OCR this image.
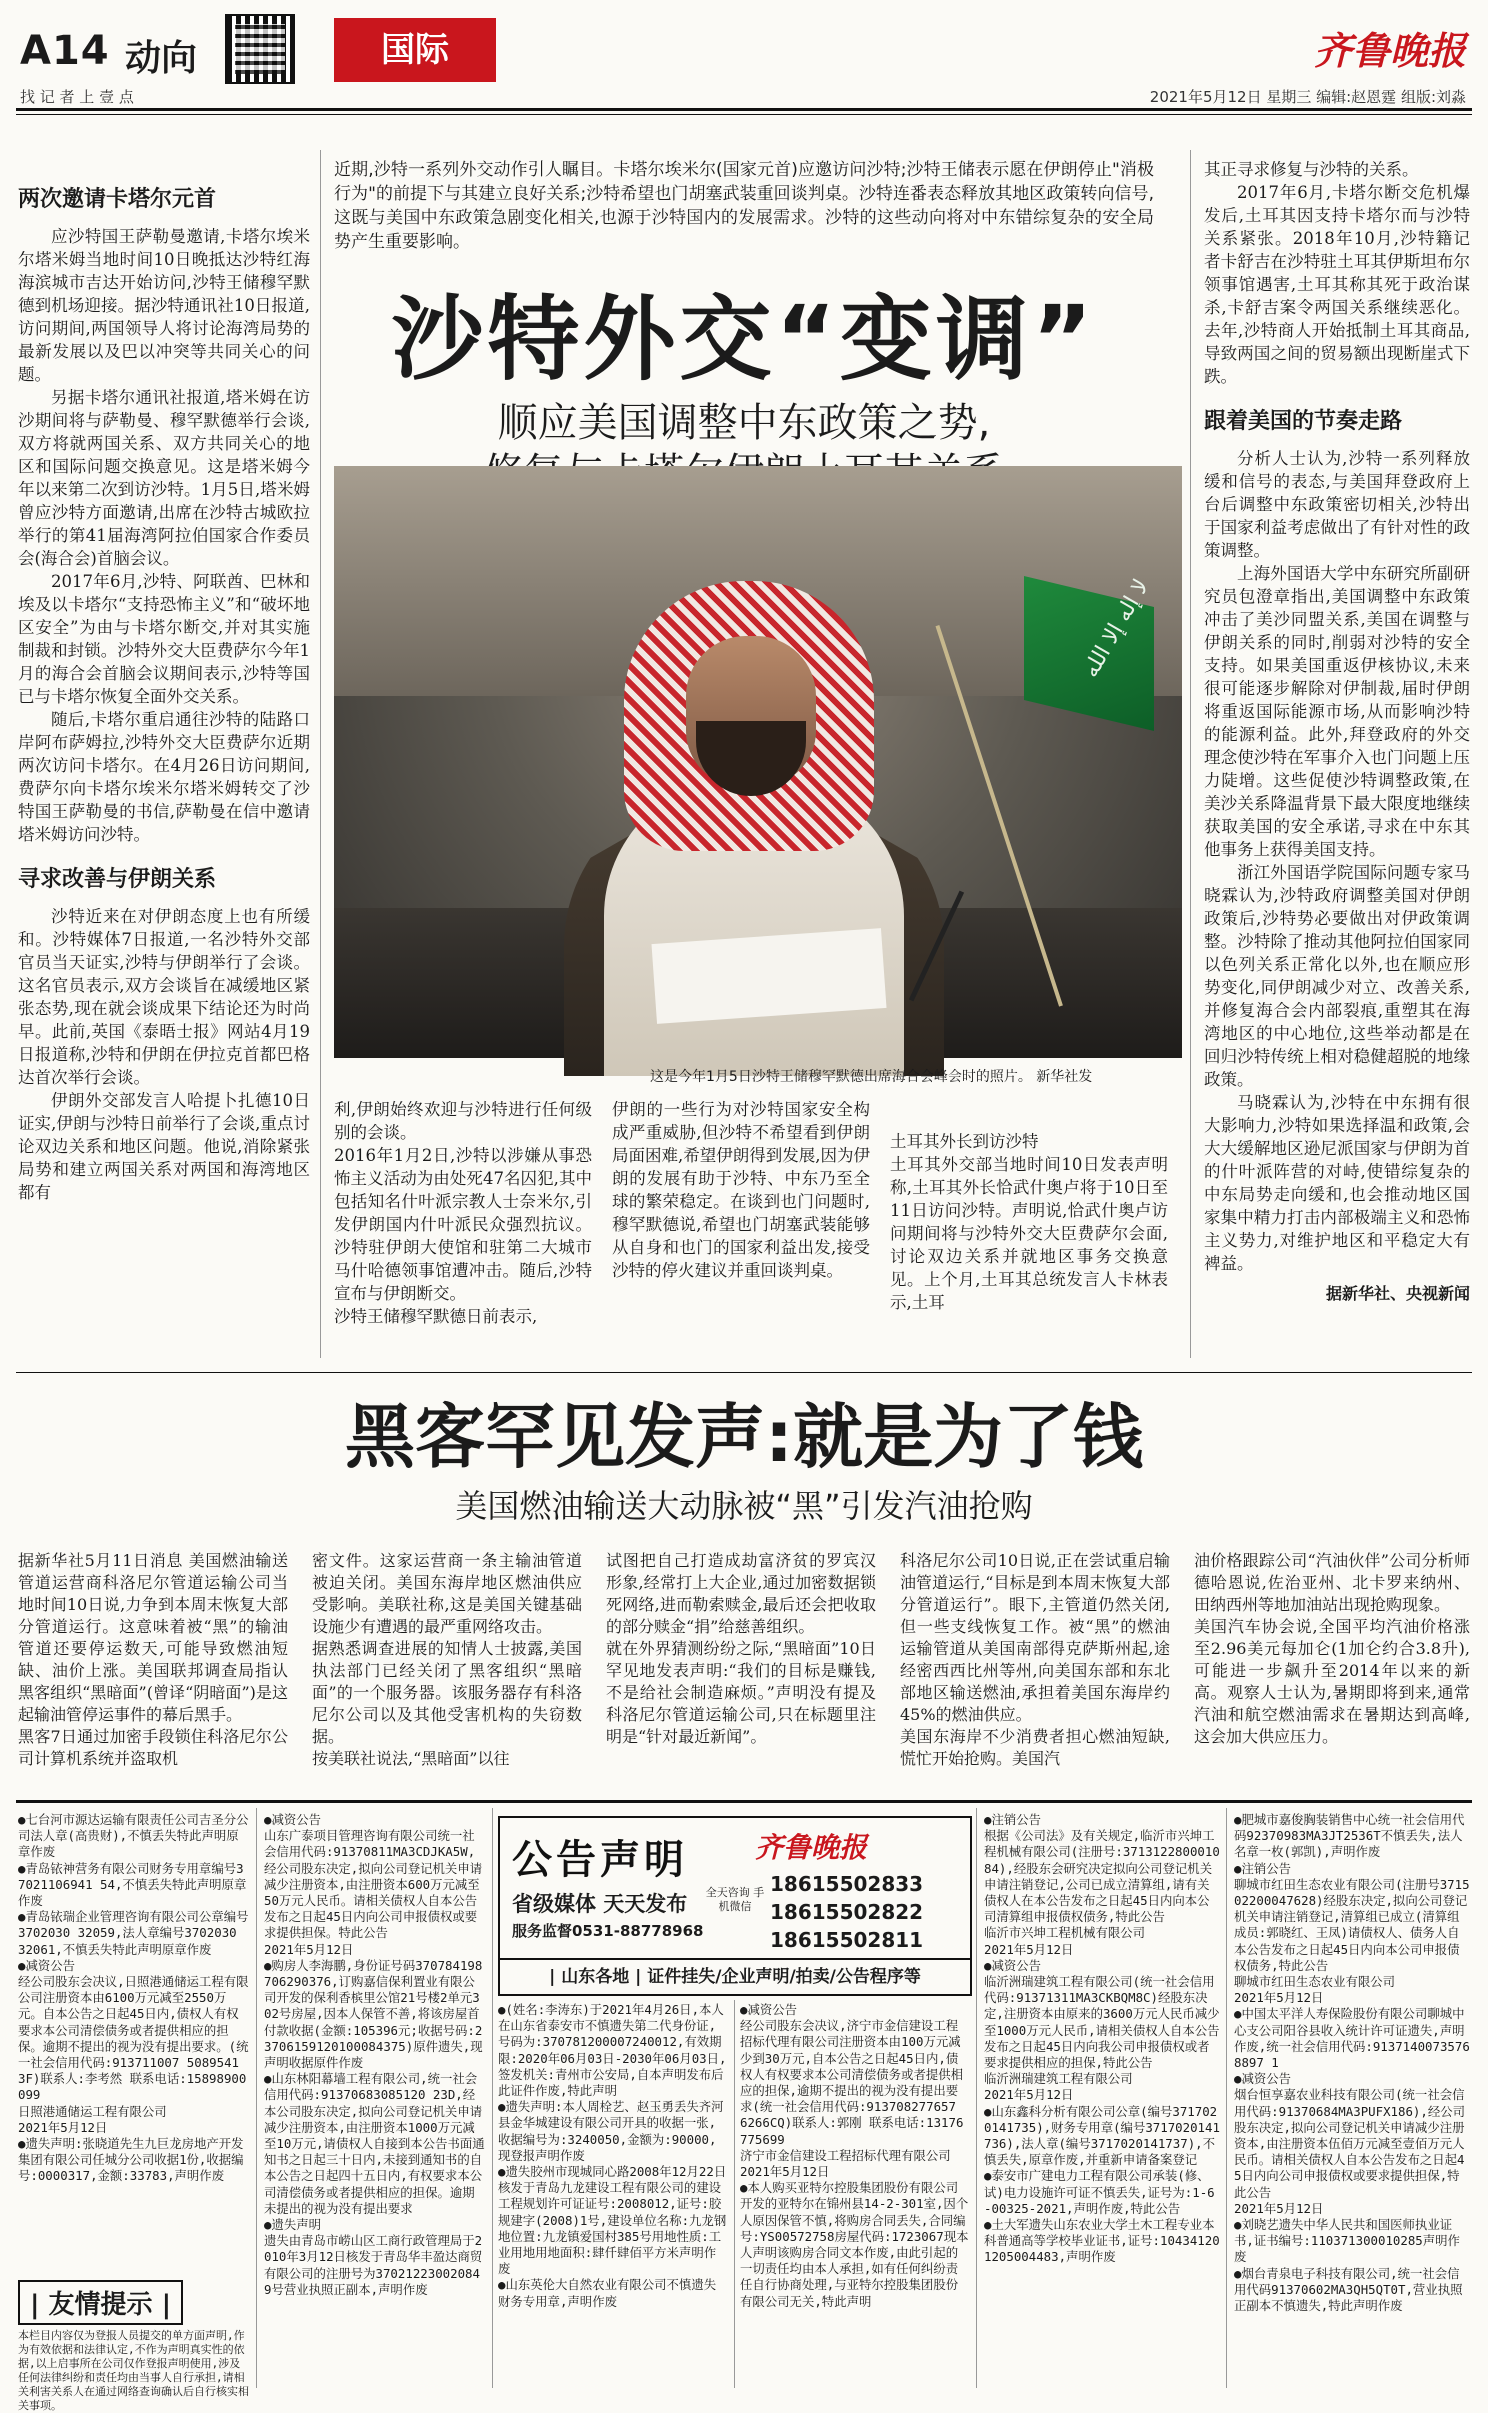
A14 动向	国际	齐鲁晚报
找 记 者 上 壹 点	2021年5月12日 星期三 编辑:赵恩霆 组版:刘淼
近期,沙特一系列外交动作引人瞩目。卡塔尔埃米尔(国家元首)应邀访问沙特;沙特王储表示愿在伊朗停止"消极行为"的前提下与其建立良好关系;沙特希望也门胡塞武装重回谈判桌。沙特连番表态释放其地区政策转向信号,这既与美国中东政策急剧变化相关,也源于沙特国内的发展需求。沙特的这些动向将对中东错综复杂的安全局势产生重要影响。
沙特外交“变调”
顺应美国调整中东政策之势,
لا إله إلا الله
这是今年1月5日沙特王储穆罕默德出席海合会峰会时的照片。 新华社发
两次邀请卡塔尔元首

应沙特国王萨勒曼邀请,卡塔尔埃米尔塔米姆当地时间10日晚抵达沙特红海海滨城市吉达开始访问,沙特王储穆罕默德到机场迎接。据沙特通讯社10日报道,访问期间,两国领导人将讨论海湾局势的最新发展以及巴以冲突等共同关心的问题。

另据卡塔尔通讯社报道,塔米姆在访沙期间将与萨勒曼、穆罕默德举行会谈,双方将就两国关系、双方共同关心的地区和国际问题交换意见。这是塔米姆今年以来第二次到访沙特。1月5日,塔米姆曾应沙特方面邀请,出席在沙特古城欧拉举行的第41届海湾阿拉伯国家合作委员会(海合会)首脑会议。

2017年6月,沙特、阿联酋、巴林和埃及以卡塔尔“支持恐怖主义”和“破坏地区安全”为由与卡塔尔断交,并对其实施制裁和封锁。沙特外交大臣费萨尔今年1月的海合会首脑会议期间表示,沙特等国已与卡塔尔恢复全面外交关系。

随后,卡塔尔重启通往沙特的陆路口岸阿布萨姆拉,沙特外交大臣费萨尔近期两次访问卡塔尔。在4月26日访问期间,费萨尔向卡塔尔埃米尔塔米姆转交了沙特国王萨勒曼的书信,萨勒曼在信中邀请塔米姆访问沙特。

寻求改善与伊朗关系

沙特近来在对伊朗态度上也有所缓和。沙特媒体7日报道,一名沙特外交部官员当天证实,沙特与伊朗举行了会谈。这名官员表示,双方会谈旨在减缓地区紧张态势,现在就会谈成果下结论还为时尚早。此前,英国《泰晤士报》网站4月19日报道称,沙特和伊朗在伊拉克首都巴格达首次举行会谈。

伊朗外交部发言人哈提卜扎德10日证实,伊朗与沙特日前举行了会谈,重点讨论双边关系和地区问题。他说,消除紧张局势和建立两国关系对两国和海湾地区都有

利,伊朗始终欢迎与沙特进行任何级别的会谈。
2016年1月2日,沙特以涉嫌从事恐怖主义活动为由处死47名囚犯,其中包括知名什叶派宗教人士奈米尔,引发伊朗国内什叶派民众强烈抗议。沙特驻伊朗大使馆和驻第二大城市马什哈德领事馆遭冲击。随后,沙特宣布与伊朗断交。
沙特王储穆罕默德日前表示,
伊朗的一些行为对沙特国家安全构成严重威胁,但沙特不希望看到伊朗局面困难,希望伊朗得到发展,因为伊朗的发展有助于沙特、中东乃至全球的繁荣稳定。在谈到也门问题时,穆罕默德说,希望也门胡塞武装能够从自身和也门的国家利益出发,接受沙特的停火建议并重回谈判桌。
土耳其外长到访沙特
土耳其外交部当地时间10日发表声明称,土耳其外长恰武什奥卢将于10日至11日访问沙特。声明说,恰武什奥卢访问期间将与沙特外交大臣费萨尔会面,讨论双边关系并就地区事务交换意见。上个月,土耳其总统发言人卡林表示,土耳

其正寻求修复与沙特的关系。

2017年6月,卡塔尔断交危机爆发后,土耳其因支持卡塔尔而与沙特关系紧张。2018年10月,沙特籍记者卡舒吉在沙特驻土耳其伊斯坦布尔领事馆遇害,土耳其称其死于政治谋杀,卡舒吉案令两国关系继续恶化。去年,沙特商人开始抵制土耳其商品,导致两国之间的贸易额出现断崖式下跌。

跟着美国的节奏走路

分析人士认为,沙特一系列释放缓和信号的表态,与美国拜登政府上台后调整中东政策密切相关,沙特出于国家利益考虑做出了有针对性的政策调整。

上海外国语大学中东研究所副研究员包澄章指出,美国调整中东政策冲击了美沙同盟关系,美国在调整与伊朗关系的同时,削弱对沙特的安全支持。如果美国重返伊核协议,未来很可能逐步解除对伊制裁,届时伊朗将重返国际能源市场,从而影响沙特的能源利益。此外,拜登政府的外交理念使沙特在军事介入也门问题上压力陡增。这些促使沙特调整政策,在美沙关系降温背景下最大限度地继续获取美国的安全承诺,寻求在中东其他事务上获得美国支持。

浙江外国语学院国际问题专家马晓霖认为,沙特政府调整美国对伊朗政策后,沙特势必要做出对伊政策调整。沙特除了推动其他阿拉伯国家同以色列关系正常化以外,也在顺应形势变化,同伊朗减少对立、改善关系,并修复海合会内部裂痕,重塑其在海湾地区的中心地位,这些举动都是在回归沙特传统上相对稳健超脱的地缘政策。

马晓霖认为,沙特在中东拥有很大影响力,沙特如果选择温和政策,会大大缓解地区逊尼派国家与伊朗为首的什叶派阵营的对峙,使错综复杂的中东局势走向缓和,也会推动地区国家集中精力打击内部极端主义和恐怖主义势力,对维护地区和平稳定大有裨益。

据新华社、央视新闻
黑客罕见发声:就是为了钱
美国燃油输送大动脉被“黑”引发汽油抢购
据新华社5月11日消息 美国燃油输送管道运营商科洛尼尔管道运输公司当地时间10日说,力争到本周末恢复大部分管道运行。这意味着被“黑”的输油管道还要停运数天,可能导致燃油短缺、油价上涨。美国联邦调查局指认黑客组织“黑暗面”(曾译“阴暗面”)是这起输油管停运事件的幕后黑手。
黑客7日通过加密手段锁住科洛尼尔公司计算机系统并盗取机
密文件。这家运营商一条主输油管道被迫关闭。美国东海岸地区燃油供应受影响。美联社称,这是美国关键基础设施少有遭遇的最严重网络攻击。
据熟悉调查进展的知情人士披露,美国执法部门已经关闭了黑客组织“黑暗面”的一个服务器。该服务器存有科洛尼尔公司以及其他受害机构的失窃数据。
按美联社说法,“黑暗面”以往
试图把自己打造成劫富济贫的罗宾汉形象,经常打上大企业,通过加密数据锁死网络,进而勒索赎金,最后还会把收取的部分赎金“捐”给慈善组织。
就在外界猜测纷纷之际,“黑暗面”10日罕见地发表声明:“我们的目标是赚钱,不是给社会制造麻烦。”声明没有提及科洛尼尔管道运输公司,只在标题里注明是“针对最近新闻”。
科洛尼尔公司10日说,正在尝试重启输油管道运行,“目标是到本周末恢复大部分管道运行”。眼下,主管道仍然关闭,但一些支线恢复工作。被“黑”的燃油运输管道从美国南部得克萨斯州起,途经密西西比州等州,向美国东部和东北部地区输送燃油,承担着美国东海岸约45%的燃油供应。
美国东海岸不少消费者担心燃油短缺,慌忙开始抢购。美国汽
油价格跟踪公司“汽油伙伴”公司分析师德哈恩说,佐治亚州、北卡罗来纳州、田纳西州等地加油站出现抢购现象。
美国汽车协会说,全国平均汽油价格涨至2.96美元每加仑(1加仑约合3.8升),可能进一步飙升至2014年以来的新高。观察人士认为,暑期即将到来,通常汽油和航空燃油需求在暑期达到高峰,这会加大供应压力。
●七台河市源达运输有限责任公司吉圣分公司法人章(高贵财),不慎丢失特此声明原章作废
●青岛铱神营务有限公司财务专用章编号37021106941 54,不慎丢失特此声明原章作废
●青岛铱瑞企业管理咨询有限公司公章编号3702030 32059,法人章编号3702030 32061,不慎丢失特此声明原章作废
●减资公告
经公司股东会决议,日照港通储运工程有限公司注册资本由6100万元减至2550万元。自本公告之日起45日内,债权人有权要求本公司清偿债务或者提供相应的担保。逾期不提出的视为没有提出要求。(统一社会信用代码:913711007 5089541 3F)联系人:李考然 联系电话:15898900099
日照港通储运工程有限公司
2021年5月12日
●遗失声明:张晓道先生九巨龙房地产开发集团有限公司任城分公司收据1份,收据编号:0000317,金额:33783,声明作废
| 友情提示 |
本栏目内容仅为登报人员提交的单方面声明,作为有效依据和法律认定,不作为声明真实性的依据,以上启事所在公司仅作登报声明使用,涉及任何法律纠纷和责任均由当事人自行承担,请相关利害关系人在通过网络查询确认后自行核实相关事项。
●减资公告
山东广泰项目管理咨询有限公司统一社会信用代码:91370811MA3CDJKA5W,经公司股东决定,拟向公司登记机关申请减少注册资本,由注册资本600万元减至50万元人民币。请相关债权人自本公告发布之日起45日内向公司申报债权或要求提供担保。特此公告
2021年5月12日
●购房人李海鹏,身份证号码370784198706290376,订购嘉信保利置业有限公司开发的保利香槟里公馆21号楼2单元302号房屋,因本人保管不善,将该房屋首付款收据(金额:105396元;收据号码:23706159120100084375)原件遗失,现声明收据原件作废
●山东林阳幕墙工程有限公司,统一社会信用代码:91370683085120 23D,经本公司股东决定,拟向公司登记机关申请减少注册资本,由注册资本1000万元减至10万元,请债权人自接到本公告书面通知书之日起三十日内,未接到通知书的自本公告之日起四十五日内,有权要求本公司清偿债务或者提供相应的担保。逾期未提出的视为没有提出要求
●遗失声明
遗失由青岛市崂山区工商行政管理局于2010年3月12日核发于青岛华丰盈达商贸有限公司的注册号为370212230020849号营业执照正副本,声明作废
公告声明 齐鲁晚报
省级媒体 天天发布
服务监督0531-88778968
全天咨询 手机微信
18615502833
18615502822
18615502811
| 山东各地 | 证件挂失/企业声明/拍卖/公告程序等
●(姓名:李涛东)于2021年4月26日,本人在山东省泰安市不慎遗失第二代身份证,号码为:370781200007240012,有效期限:2020年06月03日-2030年06月03日,签发机关:青州市公安局,自本声明发布后此证件作废,特此声明
●遗失声明:本人周栓艺、赵玉勇丢失齐河县金华城建设有限公司开具的收据一张,收据编号为:3240050,金额为:90000,现登报声明作废
●遗失胶州市现城同心路2008年12月22日核发于青岛九龙建设工程有限公司的建设工程规划许可证证号:2008012,证号:胶规建字(2008)1号,建设单位名称:九龙钢地位置:九龙镇爱国村385号用地性质:工业用地用地面积:肆仟肆佰平方米声明作废
●山东英伦大自然农业有限公司不慎遗失财务专用章,声明作废
●减资公告
经公司股东会决议,济宁市金信建设工程招标代理有限公司注册资本由100万元减少到30万元,自本公告之日起45日内,债权人有权要求本公司清偿债务或者提供相应的担保,逾期不提出的视为没有提出要求(统一社会信用代码:913708277657 6266CQ)联系人:郭刚 联系电话:13176775699
济宁市金信建设工程招标代理有限公司
2021年5月12日
●本人购买亚特尔控股集团股份有限公司开发的亚特尔在锦州县14-2-301室,因个人原因保管不慎,将购房合同丢失,合同编号:YS00572758房屋代码:1723067现本人声明该购房合同文本作废,由此引起的一切责任均由本人承担,如有任何纠纷责任自行协商处理,与亚特尔控股集团股份有限公司无关,特此声明
●注销公告
根据《公司法》及有关规定,临沂市兴坤工程机械有限公司(注册号:3713122800010 84),经股东会研究决定拟向公司登记机关申请注销登记,公司已成立清算组,请有关债权人在本公告发布之日起45日内向本公司清算组申报债权债务,特此公告
临沂市兴坤工程机械有限公司
2021年5月12日
●减资公告
临沂洲瑞建筑工程有限公司(统一社会信用代码:91371311MA3CKBQM8C)经股东决定,注册资本由原来的3600万元人民币减少至1000万元人民币,请相关债权人自本公告发布之日起45日内向我公司申报债权或者要求提供相应的担保,特此公告
临沂洲瑞建筑工程有限公司
2021年5月12日
●山东鑫科分析有限公司公章(编号3717020141735),财务专用章(编号3717020141736),法人章(编号3717020141737),不慎丢失,原章作废,并重新申请备案登记
●泰安市广建电力工程有限公司承装(修、试)电力设施许可证不慎丢失,证号为:1-6-00325-2021,声明作废,特此公告
●土大军遗失山东农业大学土木工程专业本科普通高等学校毕业证书,证号:104341201205004483,声明作废
●肥城市嘉俊胸装销售中心统一社会信用代码92370983MA3JT2536T不慎丢失,法人名章一枚(郭凯),声明作废
●注销公告
聊城市红田生态农业有限公司(注册号371502200047628)经股东决定,拟向公司登记机关申请注销登记,清算组已成立(清算组成员:郭晓红、王凤)请债权人、债务人自本公告发布之日起45日内向本公司申报债权债务,特此公告
聊城市红田生态农业有限公司
2021年5月12日
●中国太平洋人寿保险股份有限公司聊城中心支公司阳谷县收入统计许可证遗失,声明作废,统一社会信用代码:91371400735768897 1
●减资公告
烟台恒享嘉农业科技有限公司(统一社会信用代码:91370684MA3PUFX186),经公司股东决定,拟向公司登记机关申请减少注册资本,由注册资本伍佰万元减至壹佰万元人民币。请相关债权人自本公告发布之日起45日内向公司申报债权或要求提供担保,特此公告
2021年5月12日
●刘晓艺遗失中华人民共和国医师执业证书,证书编号:110371300010285声明作废
●烟台青泉电子科技有限公司,统一社会信用代码91370602MA3QH5QT0T,营业执照正副本不慎遗失,特此声明作废
